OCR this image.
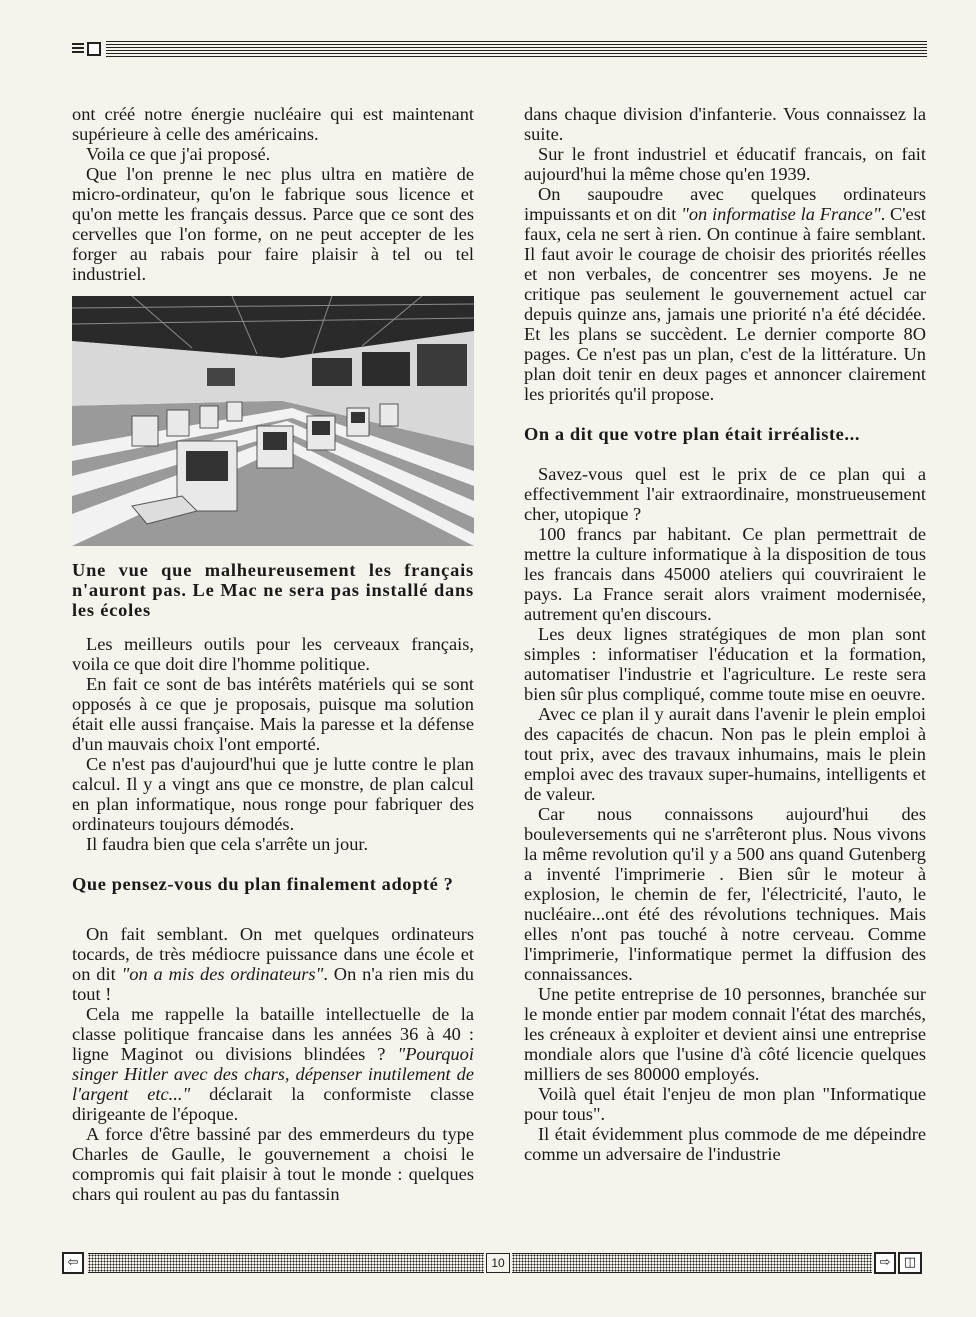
ont créé notre énergie nucléaire qui est maintenant supérieure à celle des américains.

Voila ce que j'ai proposé.

Que l'on prenne le nec plus ultra en matière de micro-ordinateur, qu'on le fabrique sous licence et qu'on mette les français dessus. Parce que ce sont des cervelles que l'on forme, on ne peut accepter de les forger au rabais pour faire plaisir à tel ou tel industriel.

Une vue que malheureusement les français n'auront pas. Le Mac ne sera pas installé dans les écoles

Les meilleurs outils pour les cerveaux français, voila ce que doit dire l'homme politique.

En fait ce sont de bas intérêts matériels qui se sont opposés à ce que je proposais, puisque ma solution était elle aussi française. Mais la paresse et la défense d'un mauvais choix l'ont emporté.

Ce n'est pas d'aujourd'hui que je lutte contre le plan calcul. Il y a vingt ans que ce monstre, de plan calcul en plan informatique, nous ronge pour fabriquer des ordinateurs toujours démodés.

Il faudra bien que cela s'arrête un jour.

Que pensez-vous du plan finalement adopté ?

On fait semblant. On met quelques ordinateurs tocards, de très médiocre puissance dans une école et on dit "on a mis des ordinateurs". On n'a rien mis du tout !

Cela me rappelle la bataille intellectuelle de la classe politique francaise dans les années 36 à 40 : ligne Maginot ou divisions blindées ? "Pourquoi singer Hitler avec des chars, dépenser inutilement de l'argent etc..." déclarait la conformiste classe dirigeante de l'époque.

A force d'être bassiné par des emmerdeurs du type Charles de Gaulle, le gouvernement a choisi le compromis qui fait plaisir à tout le monde : quelques chars qui roulent au pas du fantassin

dans chaque division d'infanterie. Vous connaissez la suite.

Sur le front industriel et éducatif francais, on fait aujourd'hui la même chose qu'en 1939.

On saupoudre avec quelques ordinateurs impuissants et on dit "on informatise la France". C'est faux, cela ne sert à rien. On continue à faire semblant. Il faut avoir le courage de choisir des priorités réelles et non verbales, de concentrer ses moyens. Je ne critique pas seulement le gouvernement actuel car depuis quinze ans, jamais une priorité n'a été décidée. Et les plans se succèdent. Le dernier comporte 8O pages. Ce n'est pas un plan, c'est de la littérature. Un plan doit tenir en deux pages et annoncer clairement les priorités qu'il propose.

On a dit que votre plan était irréaliste...

Savez-vous quel est le prix de ce plan qui a effectivemment l'air extraordinaire, monstrueusement cher, utopique ?

100 francs par habitant. Ce plan permettrait de mettre la culture informatique à la disposition de tous les francais dans 45000 ateliers qui couvriraient le pays. La France serait alors vraiment modernisée, autrement qu'en discours.

Les deux lignes stratégiques de mon plan sont simples : informatiser l'éducation et la formation, automatiser l'industrie et l'agriculture. Le reste sera bien sûr plus compliqué, comme toute mise en oeuvre.

Avec ce plan il y aurait dans l'avenir le plein emploi des capacités de chacun. Non pas le plein emploi à tout prix, avec des travaux inhumains, mais le plein emploi avec des travaux super-humains, intelligents et de valeur.

Car nous connaissons aujourd'hui des bouleversements qui ne s'arrêteront plus. Nous vivons la même revolution qu'il y a 500 ans quand Gutenberg a inventé l'imprimerie . Bien sûr le moteur à explosion, le chemin de fer, l'électricité, l'auto, le nucléaire...ont été des révolutions techniques. Mais elles n'ont pas touché à notre cerveau. Comme l'imprimerie, l'informatique permet la diffusion des connaissances.

Une petite entreprise de 10 personnes, branchée sur le monde entier par modem connait l'état des marchés, les créneaux à exploiter et devient ainsi une entreprise mondiale alors que l'usine d'à côté licencie quelques milliers de ses 80000 employés.

Voilà quel était l'enjeu de mon plan "Informatique pour tous".

Il était évidemment plus commode de me dépeindre comme un adversaire de l'industrie

⇦	10	⇨	◫
